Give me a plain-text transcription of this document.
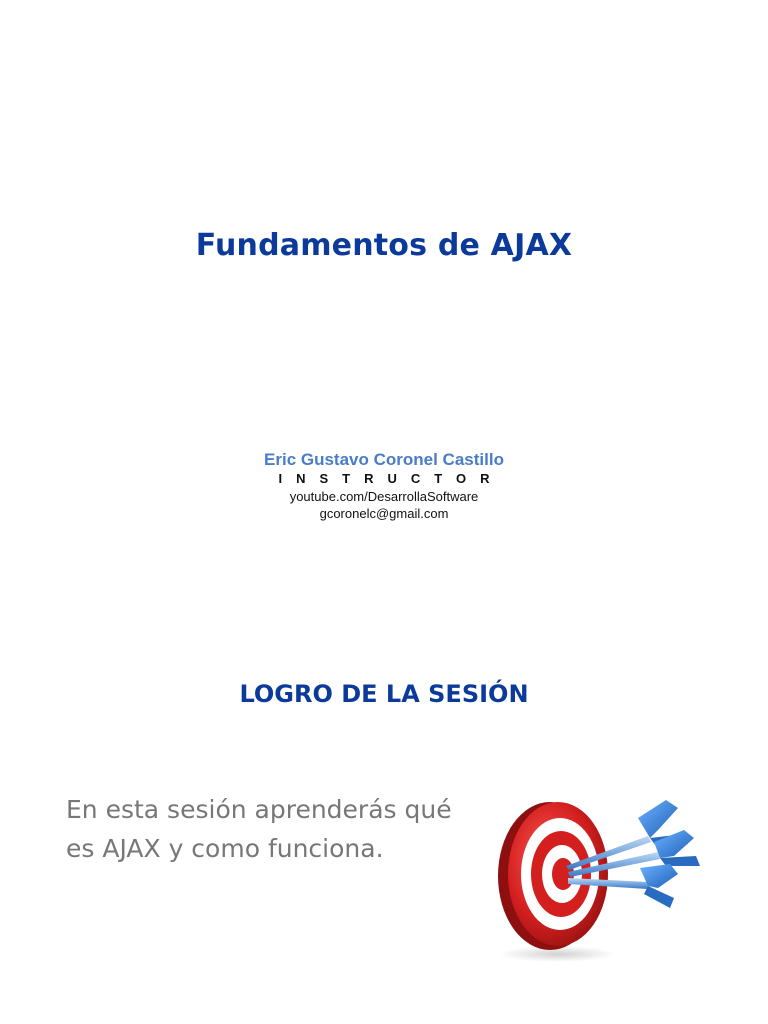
Fundamentos de AJAX
Eric Gustavo Coronel Castillo
INSTRUCTOR
youtube.com/DesarrollaSoftware
gcoronelc@gmail.com
LOGRO DE LA SESIÓN

En esta sesión aprenderás qué es AJAX y como funciona.
